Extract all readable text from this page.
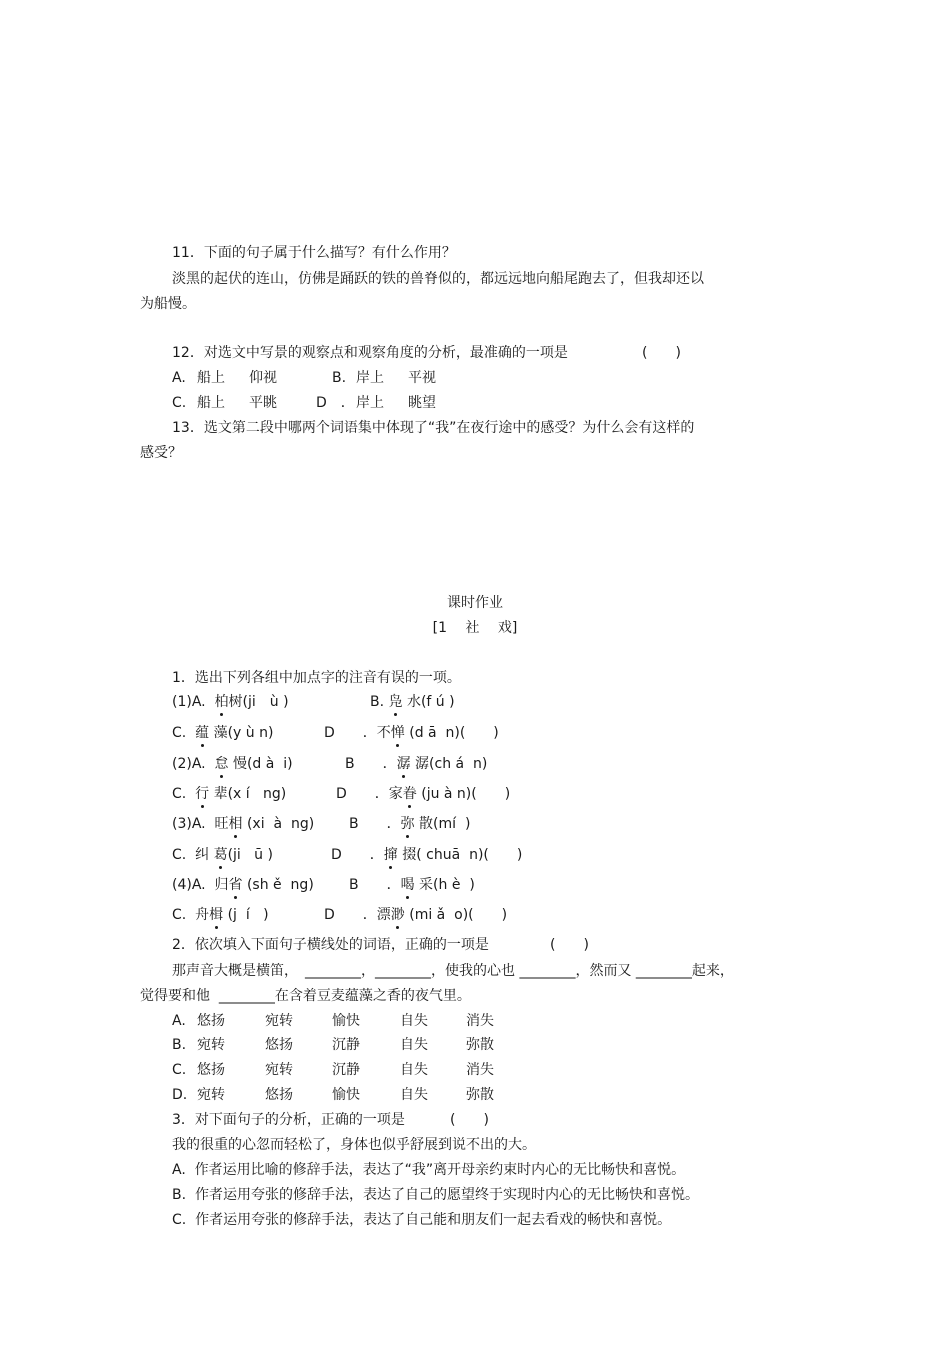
11．下面的句子属于什么描写？有什么作用？
淡黑的起伏的连山，仿佛是踊跃的铁的兽脊似的，都远远地向船尾跑去了，但我却还以
为船慢。
12．对选文中写景的观察点和观察角度的分析，最准确的一项是	(　　)
A. 船上 仰视	B. 岸上 平视
C. 船上 平眺	D　． 岸上 眺望
13．选文第二段中哪两个词语集中体现了“我”在夜行途中的感受？为什么会有这样的
感受？
课时作业
[1　 社　 戏]
1．选出下列各组中加点字的注音有误的一项。
(1)A.  柏树(ji　ù )	B. 凫 水(f ú )
C.  蕴 藻(y ù n)	D　　．不惮 (d ā  n)(　　)
(2)A.  怠 慢(d à  i)	B　　．潺 潺(ch á  n)
C.  行 辈(x í   ng)	D　　．家眷 (ju à n)(　　)
(3)A.  旺相 (xi  à  ng) B　　．弥 散(mí  )
C.  纠 葛(ji   ū )	D　　．撺 掇( chuā  n)(　　)
(4)A.  归省 (sh ě  ng)	B　　．喝 采(h è  )
C.  舟楫 (j  í   )	D　　．漂渺 (mi ǎ  o)(　　)
2．依次填入下面句子横线处的词语，正确的一项是	(　　)
那声音大概是横笛，　________，________，使我的心也 ________，然而又 ________起来，
觉得要和他  ________在含着豆麦蕴藻之香的夜气里。
A. 悠扬	宛转	愉快	自失	消失
B. 宛转	悠扬	沉静	自失	弥散
C. 悠扬	宛转	沉静	自失	消失
D. 宛转	悠扬	愉快	自失	弥散
3．对下面句子的分析，正确的一项是	(　　)
我的很重的心忽而轻松了，身体也似乎舒展到说不出的大。
A.  作者运用比喻的修辞手法，表达了“我”离开母亲约束时内心的无比畅快和喜悦。
B.  作者运用夸张的修辞手法，表达了自己的愿望终于实现时内心的无比畅快和喜悦。
C.  作者运用夸张的修辞手法，表达了自己能和朋友们一起去看戏的畅快和喜悦。
